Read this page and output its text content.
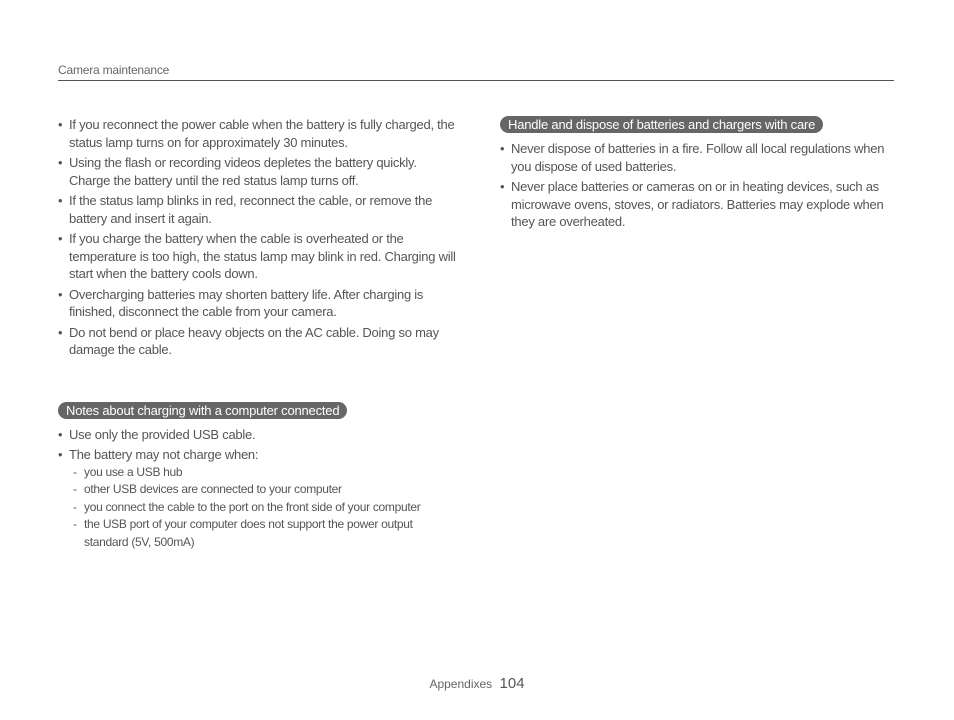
Camera maintenance
• If you reconnect the power cable when the battery is fully charged, the status lamp turns on for approximately 30 minutes.
• Using the flash or recording videos depletes the battery quickly. Charge the battery until the red status lamp turns off.
• If the status lamp blinks in red, reconnect the cable, or remove the battery and insert it again.
• If you charge the battery when the cable is overheated or the temperature is too high, the status lamp may blink in red. Charging will start when the battery cools down.
• Overcharging batteries may shorten battery life. After charging is finished, disconnect the cable from your camera.
• Do not bend or place heavy objects on the AC cable. Doing so may damage the cable.
Notes about charging with a computer connected
• Use only the provided USB cable.
• The battery may not charge when:
- you use a USB hub
- other USB devices are connected to your computer
- you connect the cable to the port on the front side of your computer
- the USB port of your computer does not support the power output standard (5V, 500mA)
Handle and dispose of batteries and chargers with care
• Never dispose of batteries in a fire. Follow all local regulations when you dispose of used batteries.
• Never place batteries or cameras on or in heating devices, such as microwave ovens, stoves, or radiators. Batteries may explode when they are overheated.
Appendixes 104
